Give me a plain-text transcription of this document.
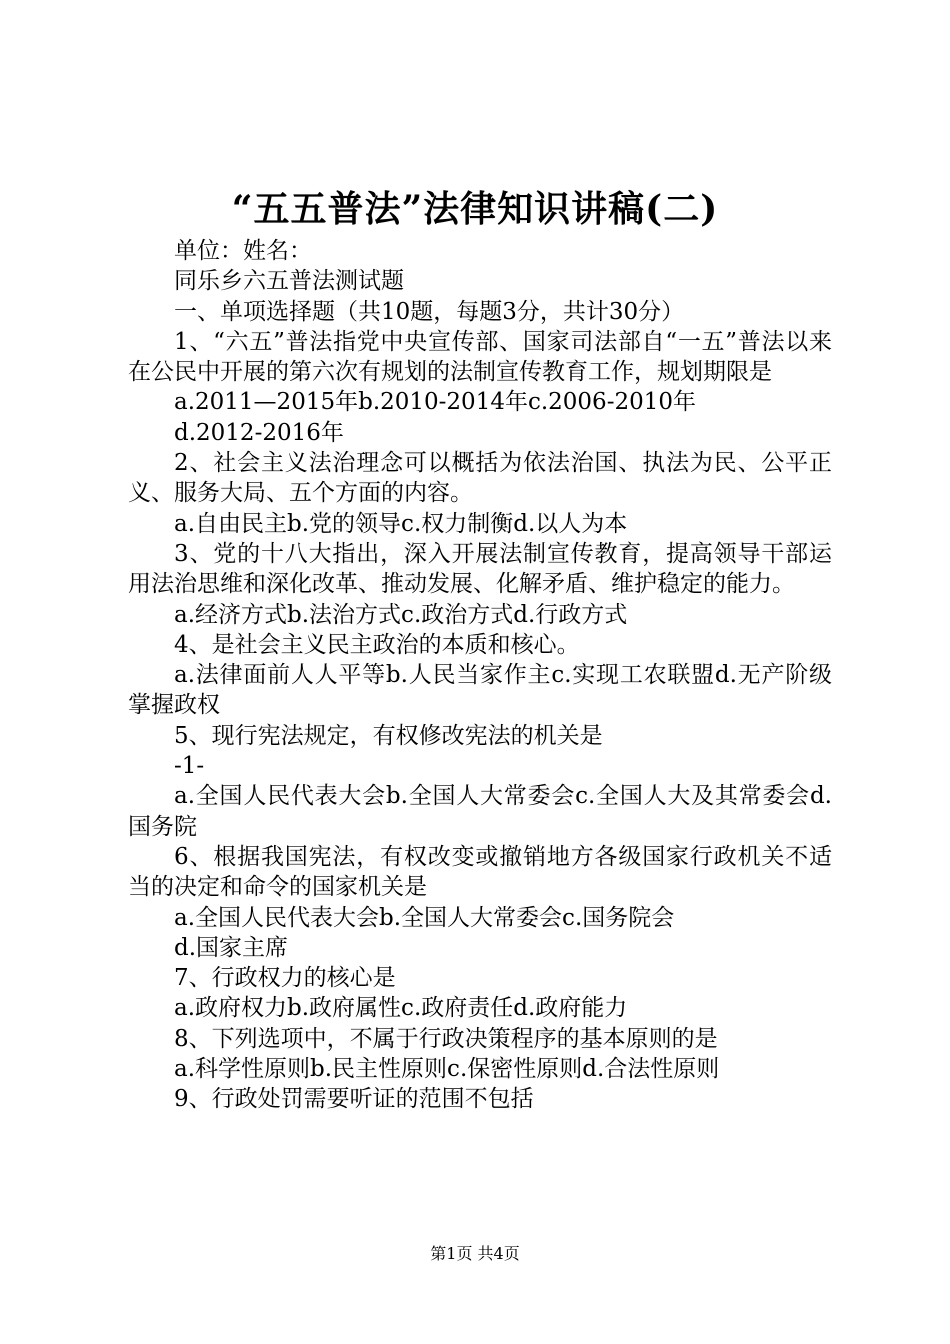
“五五普法”法律知识讲稿(二)

单位：姓名：

同乐乡六五普法测试题

一、单项选择题（共10题，每题3分，共计30分）

1、“六五”普法指党中央宣传部、国家司法部自“一五”普法以来在公民中开展的第六次有规划的法制宣传教育工作，规划期限是

a.2011—2015年b.2010-2014年c.2006-2010年

d.2012-2016年

2、社会主义法治理念可以概括为依法治国、执法为民、公平正义、服务大局、五个方面的内容。

a.自由民主b.党的领导c.权力制衡d.以人为本

3、党的十八大指出，深入开展法制宣传教育，提高领导干部运用法治思维和深化改革、推动发展、化解矛盾、维护稳定的能力。

a.经济方式b.法治方式c.政治方式d.行政方式

4、是社会主义民主政治的本质和核心。

a.法律面前人人平等b.人民当家作主c.实现工农联盟d.无产阶级掌握政权

5、现行宪法规定，有权修改宪法的机关是

-1-

a.全国人民代表大会b.全国人大常委会c.全国人大及其常委会d.国务院

6、根据我国宪法，有权改变或撤销地方各级国家行政机关不适当的决定和命令的国家机关是

a.全国人民代表大会b.全国人大常委会c.国务院会

d.国家主席

7、行政权力的核心是

a.政府权力b.政府属性c.政府责任d.政府能力

8、下列选项中，不属于行政决策程序的基本原则的是

a.科学性原则b.民主性原则c.保密性原则d.合法性原则

9、行政处罚需要听证的范围不包括

第1页 共4页
